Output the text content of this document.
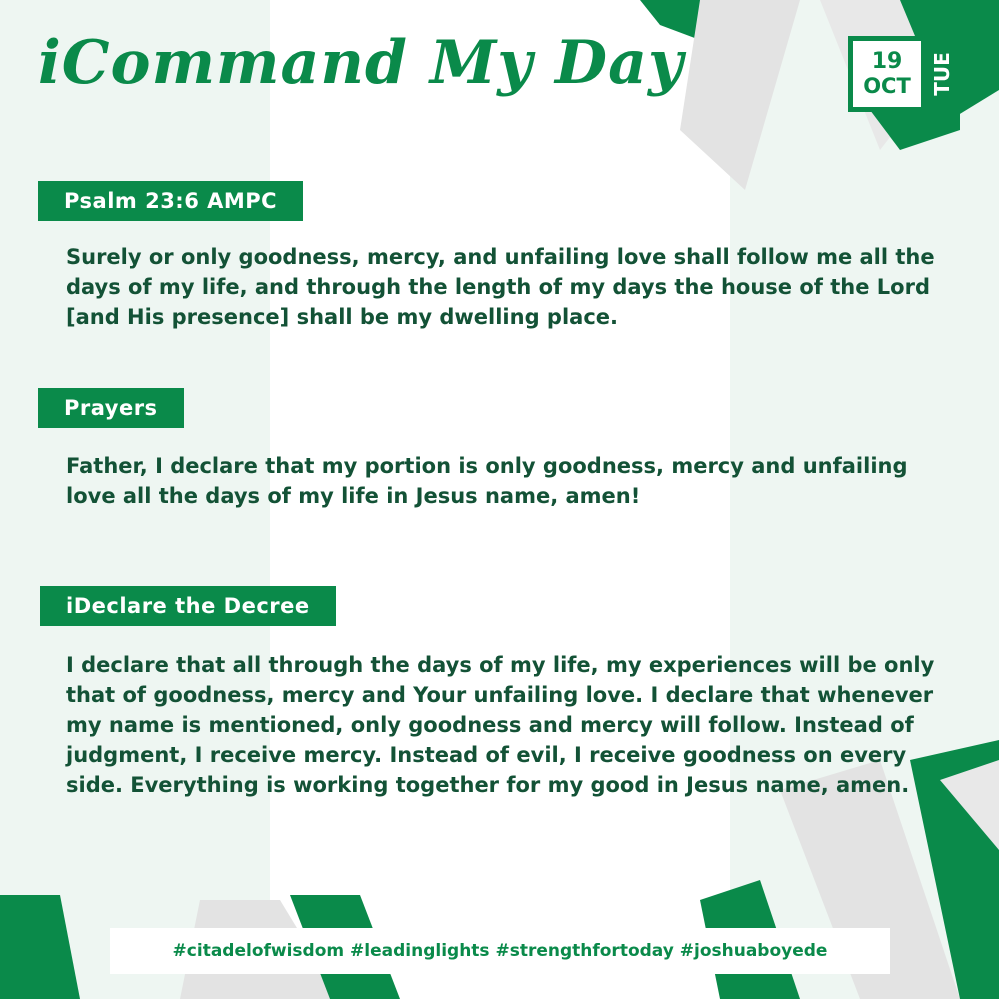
iCommand My Day	19
OCT TUE
Psalm 23:6 AMPC
Surely or only goodness, mercy, and unfailing love shall follow me all the days of my life, and through the length of my days the house of the Lord [and His presence] shall be my dwelling place.
Prayers
Father, I declare that my portion is only goodness, mercy and unfailing love all the days of my life in Jesus name, amen!
iDeclare the Decree
I declare that all through the days of my life, my experiences will be only that of goodness, mercy and Your unfailing love. I declare that whenever my name is mentioned, only goodness and mercy will follow. Instead of judgment, I receive mercy. Instead of evil, I receive goodness on every side. Everything is working together for my good in Jesus name, amen.
#citadelofwisdom #leadinglights #strengthfortoday #joshuaboyede
